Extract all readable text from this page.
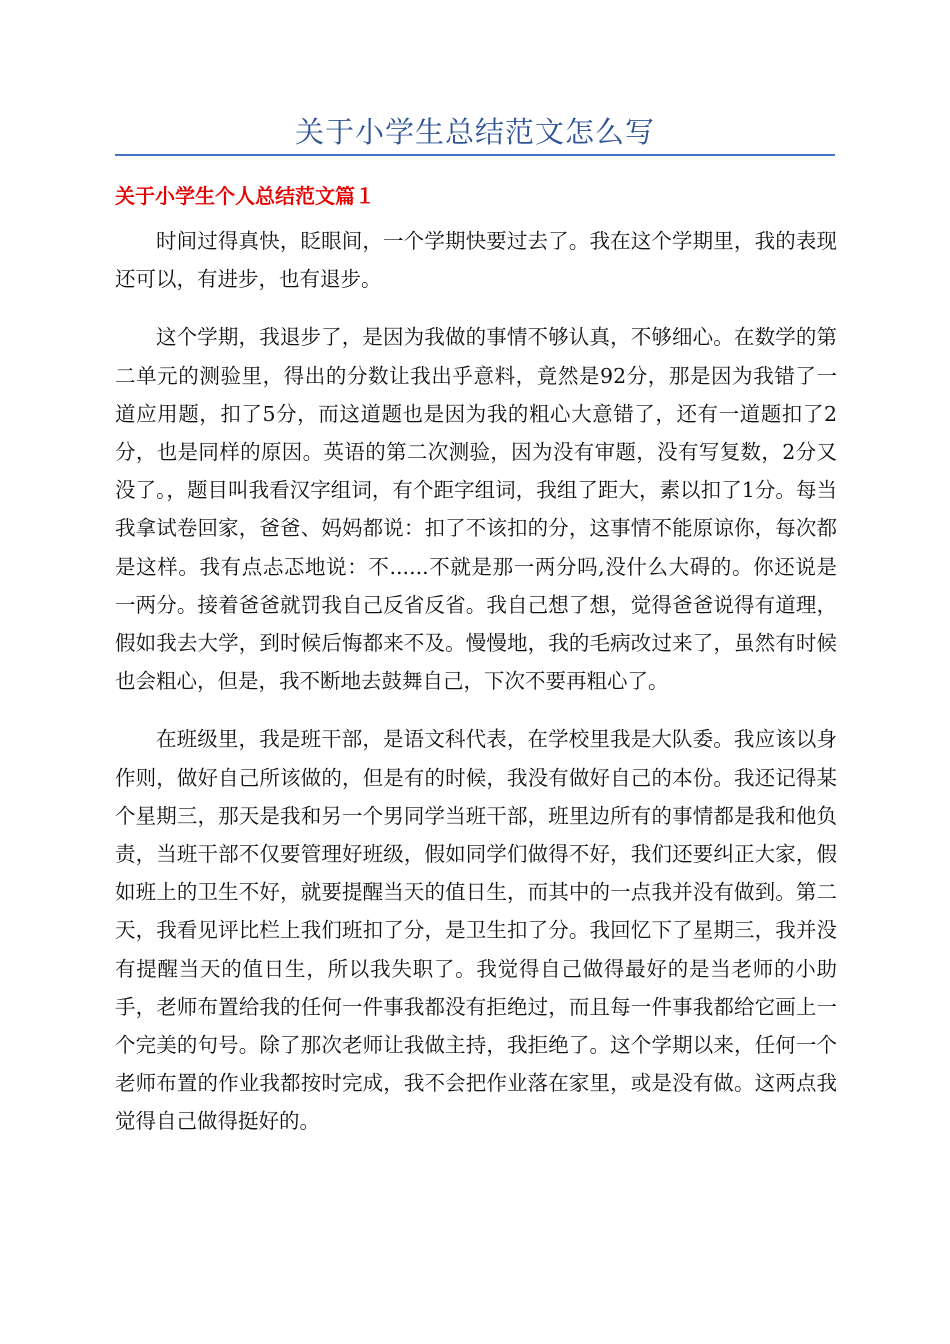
关于小学生总结范文怎么写
关于小学生个人总结范文篇１

时间过得真快，眨眼间，一个学期快要过去了。我在这个学期里，我的表现还可以，有进步，也有退步。

这个学期，我退步了，是因为我做的事情不够认真，不够细心。在数学的第二单元的测验里，得出的分数让我出乎意料，竟然是92分，那是因为我错了一道应用题，扣了5分，而这道题也是因为我的粗心大意错了，还有一道题扣了2分，也是同样的原因。英语的第二次测验，因为没有审题，没有写复数，2分又没了。，题目叫我看汉字组词，有个距字组词，我组了距大，素以扣了1分。每当我拿试卷回家，爸爸、妈妈都说：扣了不该扣的分，这事情不能原谅你，每次都是这样。我有点忐忑地说：不......不就是那一两分吗,没什么大碍的。你还说是一两分。接着爸爸就罚我自己反省反省。我自己想了想，觉得爸爸说得有道理，假如我去大学，到时候后悔都来不及。慢慢地，我的毛病改过来了，虽然有时候也会粗心，但是，我不断地去鼓舞自己，下次不要再粗心了。

在班级里，我是班干部，是语文科代表，在学校里我是大队委。我应该以身作则，做好自己所该做的，但是有的时候，我没有做好自己的本份。我还记得某个星期三，那天是我和另一个男同学当班干部，班里边所有的事情都是我和他负责，当班干部不仅要管理好班级，假如同学们做得不好，我们还要纠正大家，假如班上的卫生不好，就要提醒当天的值日生，而其中的一点我并没有做到。第二天，我看见评比栏上我们班扣了分，是卫生扣了分。我回忆下了星期三，我并没有提醒当天的值日生，所以我失职了。我觉得自己做得最好的是当老师的小助手，老师布置给我的任何一件事我都没有拒绝过，而且每一件事我都给它画上一个完美的句号。除了那次老师让我做主持，我拒绝了。这个学期以来，任何一个老师布置的作业我都按时完成，我不会把作业落在家里，或是没有做。这两点我觉得自己做得挺好的。
